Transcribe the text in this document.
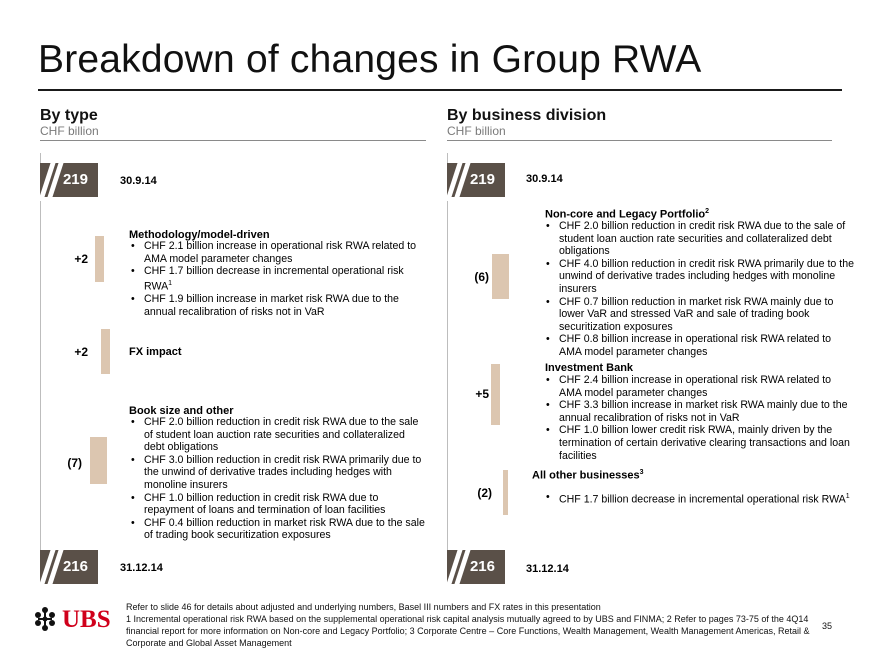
Breakdown of changes in Group RWA
By type
CHF billion
219	30.9.14
+2
Methodology/model-driven
• CHF 2.1 billion increase in operational risk RWA related to AMA model parameter changes
• CHF 1.7 billion decrease in incremental operational risk RWA$^1$
• CHF 1.9 billion increase in market risk RWA due to the annual recalibration of risks not in VaR
+2	FX impact
(7)
Book size and other
• CHF 2.0 billion reduction in credit risk RWA due to the sale of student loan auction rate securities and collateralized debt obligations
• CHF 3.0 billion reduction in credit risk RWA primarily due to the unwind of derivative trades including hedges with monoline insurers
• CHF 1.0 billion reduction in credit risk RWA due to repayment of loans and termination of loan facilities
• CHF 0.4 billion reduction in market risk RWA due to the sale of trading book securitization exposures
216	31.12.14
By business division
CHF billion
219	30.9.14
(6)
Non-core and Legacy Portfolio$^2$
• CHF 2.0 billion reduction in credit risk RWA due to the sale of student loan auction rate securities and collateralized debt obligations
• CHF 4.0 billion reduction in credit risk RWA primarily due to the unwind of derivative trades including hedges with monoline insurers
• CHF 0.7 billion reduction in market risk RWA mainly due to lower VaR and stressed VaR and sale of trading book securitization exposures
• CHF 0.8 billion increase in operational risk RWA related to AMA model parameter changes
+5
Investment Bank
• CHF 2.4 billion increase in operational risk RWA related to AMA model parameter changes
• CHF 3.3 billion increase in market risk RWA mainly due to the annual recalibration of risks not in VaR
• CHF 1.0 billion lower credit risk RWA, mainly driven by the termination of certain derivative clearing transactions and loan facilities
(2)
All other businesses$^3$
• CHF 1.7 billion decrease in incremental operational risk RWA$^1$
216	31.12.14
UBS Refer to slide 46 for details about adjusted and underlying numbers, Basel III numbers and FX rates in this presentation
1 Incremental operational risk RWA based on the supplemental operational risk capital analysis mutually agreed to by UBS and FINMA; 2 Refer to pages 73-75 of the 4Q14 financial report for more information on Non-core and Legacy Portfolio; 3 Corporate Centre – Core Functions, Wealth Management, Wealth Management Americas, Retail & Corporate and Global Asset Management
35
